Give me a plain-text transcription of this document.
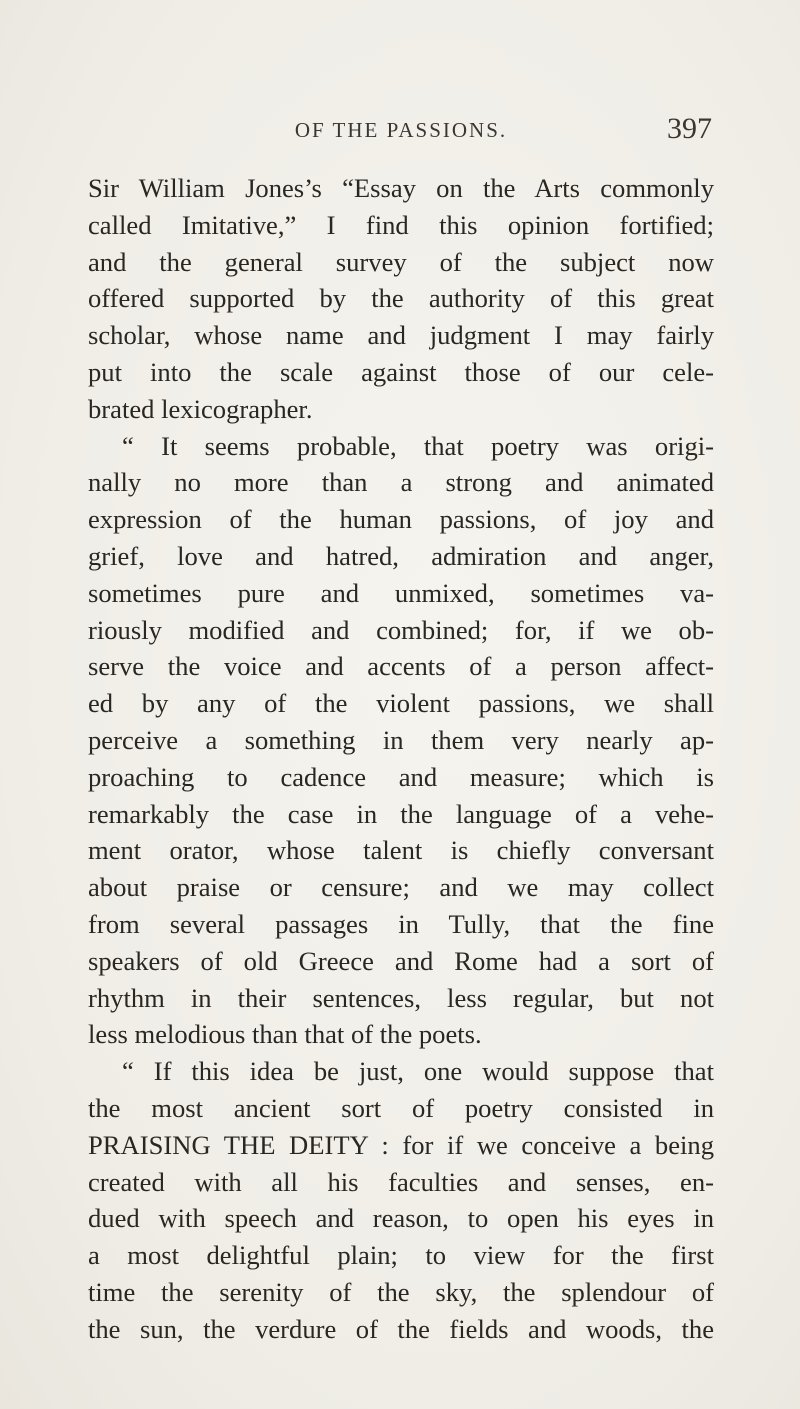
OF THE PASSIONS.	397
Sir William Jones’s “Essay on the Arts commonly
called Imitative,” I find this opinion fortified;
and the general survey of the subject now
offered supported by the authority of this great
scholar, whose name and judgment I may fairly
put into the scale against those of our cele-
brated lexicographer.
“ It seems probable, that poetry was origi-
nally no more than a strong and animated
expression of the human passions, of joy and
grief, love and hatred, admiration and anger,
sometimes pure and unmixed, sometimes va-
riously modified and combined; for, if we ob-
serve the voice and accents of a person affect-
ed by any of the violent passions, we shall
perceive a something in them very nearly ap-
proaching to cadence and measure; which is
remarkably the case in the language of a vehe-
ment orator, whose talent is chiefly conversant
about praise or censure; and we may collect
from several passages in Tully, that the fine
speakers of old Greece and Rome had a sort of
rhythm in their sentences, less regular, but not
less melodious than that of the poets.
“ If this idea be just, one would suppose that
the most ancient sort of poetry consisted in
PRAISING THE DEITY : for if we conceive a being
created with all his faculties and senses, en-
dued with speech and reason, to open his eyes in
a most delightful plain; to view for the first
time the serenity of the sky, the splendour of
the sun, the verdure of the fields and woods, the
